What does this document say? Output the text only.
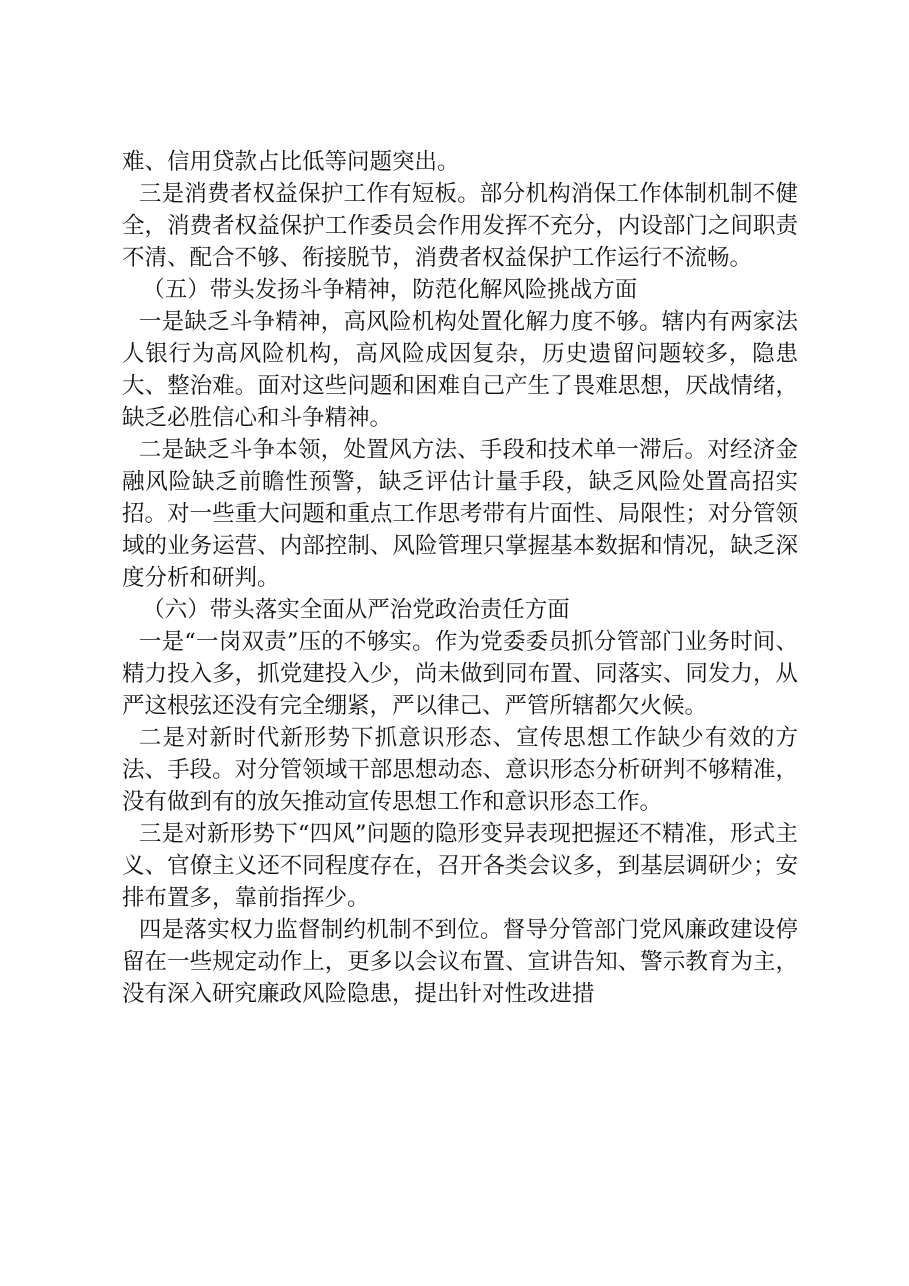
难、信用贷款占比低等问题突出。

三是消费者权益保护工作有短板。部分机构消保工作体制机制不健全，消费者权益保护工作委员会作用发挥不充分，内设部门之间职责不清、配合不够、衔接脱节，消费者权益保护工作运行不流畅。

（五）带头发扬斗争精神，防范化解风险挑战方面

一是缺乏斗争精神，高风险机构处置化解力度不够。辖内有两家法人银行为高风险机构，高风险成因复杂，历史遗留问题较多，隐患大、整治难。面对这些问题和困难自己产生了畏难思想，厌战情绪，缺乏必胜信心和斗争精神。

二是缺乏斗争本领，处置风方法、手段和技术单一滞后。对经济金融风险缺乏前瞻性预警，缺乏评估计量手段，缺乏风险处置高招实招。对一些重大问题和重点工作思考带有片面性、局限性；对分管领域的业务运营、内部控制、风险管理只掌握基本数据和情况，缺乏深度分析和研判。

（六）带头落实全面从严治党政治责任方面

一是“一岗双责”压的不够实。作为党委委员抓分管部门业务时间、精力投入多，抓党建投入少，尚未做到同布置、同落实、同发力，从严这根弦还没有完全绷紧，严以律己、严管所辖都欠火候。

二是对新时代新形势下抓意识形态、宣传思想工作缺少有效的方法、手段。对分管领域干部思想动态、意识形态分析研判不够精准，没有做到有的放矢推动宣传思想工作和意识形态工作。

三是对新形势下“四风”问题的隐形变异表现把握还不精准，形式主义、官僚主义还不同程度存在，召开各类会议多，到基层调研少；安排布置多，靠前指挥少。

四是落实权力监督制约机制不到位。督导分管部门党风廉政建设停留在一些规定动作上，更多以会议布置、宣讲告知、警示教育为主，没有深入研究廉政风险隐患，提出针对性改进措
